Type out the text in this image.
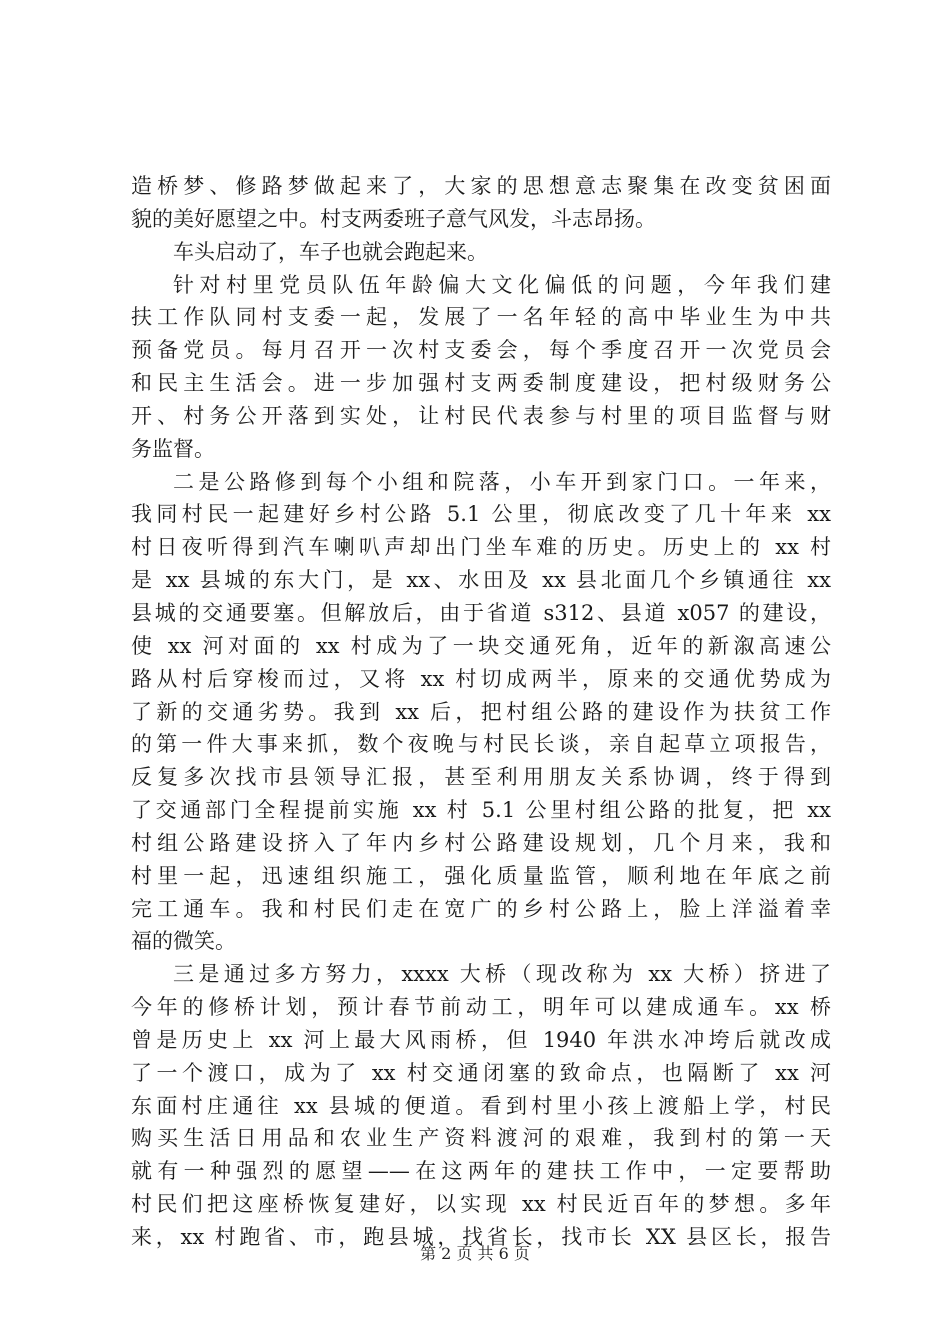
造桥梦、修路梦做起来了，大家的思想意志聚集在改变贫困面
貌的美好愿望之中。村支两委班子意气风发，斗志昂扬。
车头启动了，车子也就会跑起来。
针对村里党员队伍年龄偏大文化偏低的问题，今年我们建
扶工作队同村支委一起，发展了一名年轻的高中毕业生为中共
预备党员。每月召开一次村支委会，每个季度召开一次党员会
和民主生活会。进一步加强村支两委制度建设，把村级财务公
开、村务公开落到实处，让村民代表参与村里的项目监督与财
务监督。
二是公路修到每个小组和院落，小车开到家门口。一年来，
我同村民一起建好乡村公路 5.1 公里，彻底改变了几十年来 xx
村日夜听得到汽车喇叭声却出门坐车难的历史。历史上的 xx 村
是 xx 县城的东大门，是 xx、水田及 xx 县北面几个乡镇通往 xx
县城的交通要塞。但解放后，由于省道 s312、县道 x057 的建设，
使 xx 河对面的 xx 村成为了一块交通死角，近年的新溆高速公
路从村后穿梭而过，又将 xx 村切成两半，原来的交通优势成为
了新的交通劣势。我到 xx 后，把村组公路的建设作为扶贫工作
的第一件大事来抓，数个夜晚与村民长谈，亲自起草立项报告，
反复多次找市县领导汇报，甚至利用朋友关系协调，终于得到
了交通部门全程提前实施 xx 村 5.1 公里村组公路的批复，把 xx
村组公路建设挤入了年内乡村公路建设规划，几个月来，我和
村里一起，迅速组织施工，强化质量监管，顺利地在年底之前
完工通车。我和村民们走在宽广的乡村公路上，脸上洋溢着幸
福的微笑。
三是通过多方努力，xxxx 大桥（现改称为 xx 大桥）挤进了
今年的修桥计划，预计春节前动工，明年可以建成通车。xx 桥
曾是历史上 xx 河上最大风雨桥，但 1940 年洪水冲垮后就改成
了一个渡口，成为了 xx 村交通闭塞的致命点，也隔断了 xx 河
东面村庄通往 xx 县城的便道。看到村里小孩上渡船上学，村民
购买生活日用品和农业生产资料渡河的艰难，我到村的第一天
就有一种强烈的愿望——在这两年的建扶工作中，一定要帮助
村民们把这座桥恢复建好，以实现 xx 村民近百年的梦想。多年
来，xx 村跑省、市，跑县城，找省长，找市长 XX 县区长，报告
第 2 页 共 6 页
